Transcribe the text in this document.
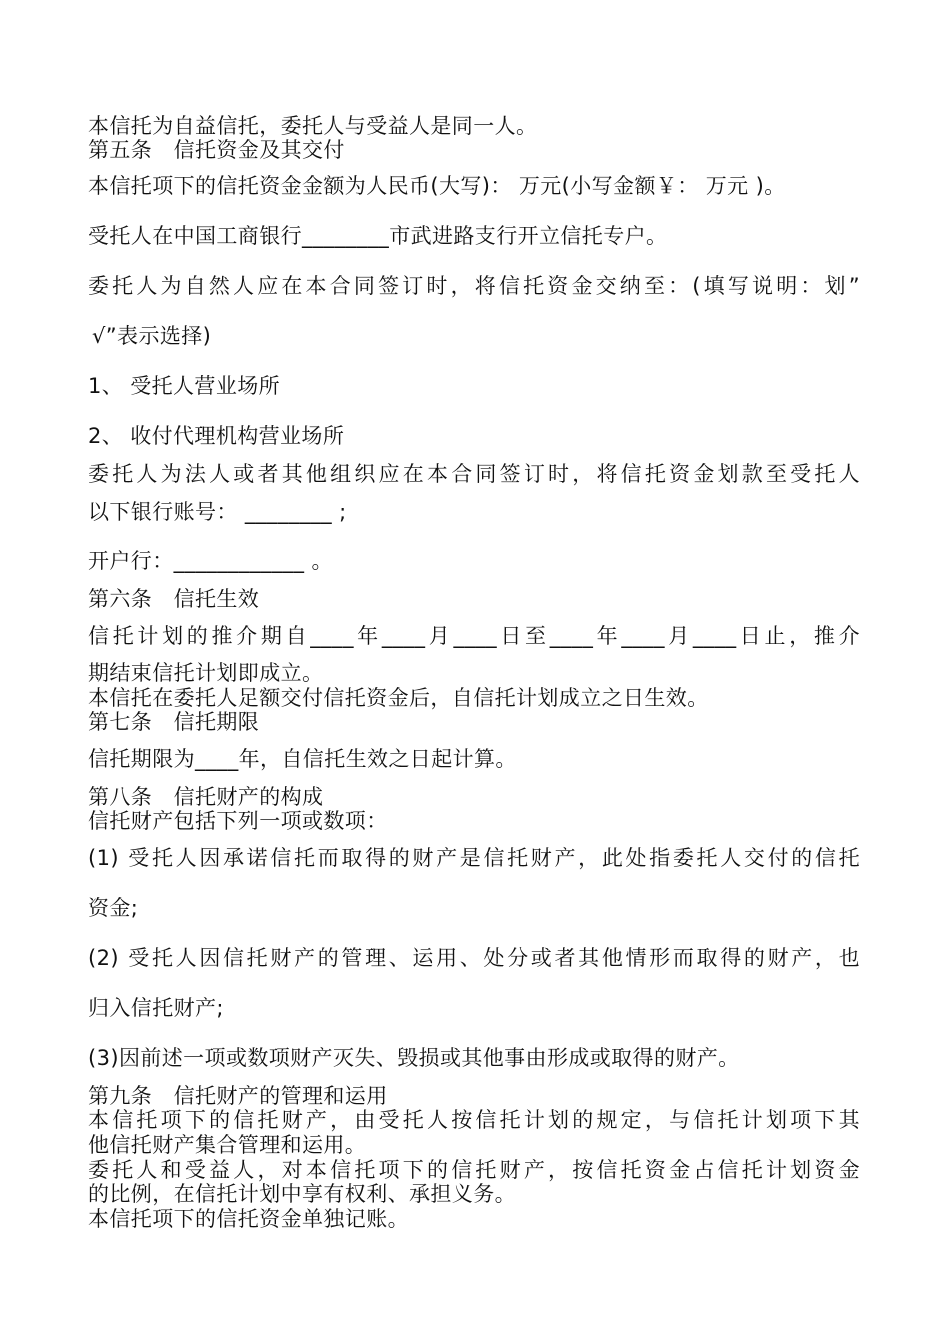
本信托为自益信托，委托人与受益人是同一人。
第五条　信托资金及其交付
本信托项下的信托资金金额为人民币(大写)： 万元(小写金额￥： 万元 )。
受托人在中国工商银行________市武进路支行开立信托专户。
委托人为自然人应在本合同签订时，将信托资金交纳至：(填写说明：划”
√”表示选择)
1、 受托人营业场所
2、 收付代理机构营业场所
委托人为法人或者其他组织应在本合同签订时，将信托资金划款至受托人
以下银行账号： ________ ;
开户行：____________ 。
第六条　信托生效
信托计划的推介期自____年____月____日至____年____月____日止，推介
期结束信托计划即成立。
本信托在委托人足额交付信托资金后，自信托计划成立之日生效。
第七条　信托期限
信托期限为____年，自信托生效之日起计算。
第八条　信托财产的构成
信托财产包括下列一项或数项：
(1) 受托人因承诺信托而取得的财产是信托财产，此处指委托人交付的信托
资金;
(2) 受托人因信托财产的管理、运用、处分或者其他情形而取得的财产，也
归入信托财产;
(3)因前述一项或数项财产灭失、毁损或其他事由形成或取得的财产。
第九条　信托财产的管理和运用
本信托项下的信托财产，由受托人按信托计划的规定，与信托计划项下其
他信托财产集合管理和运用。
委托人和受益人，对本信托项下的信托财产，按信托资金占信托计划资金
的比例，在信托计划中享有权利、承担义务。
本信托项下的信托资金单独记账。
